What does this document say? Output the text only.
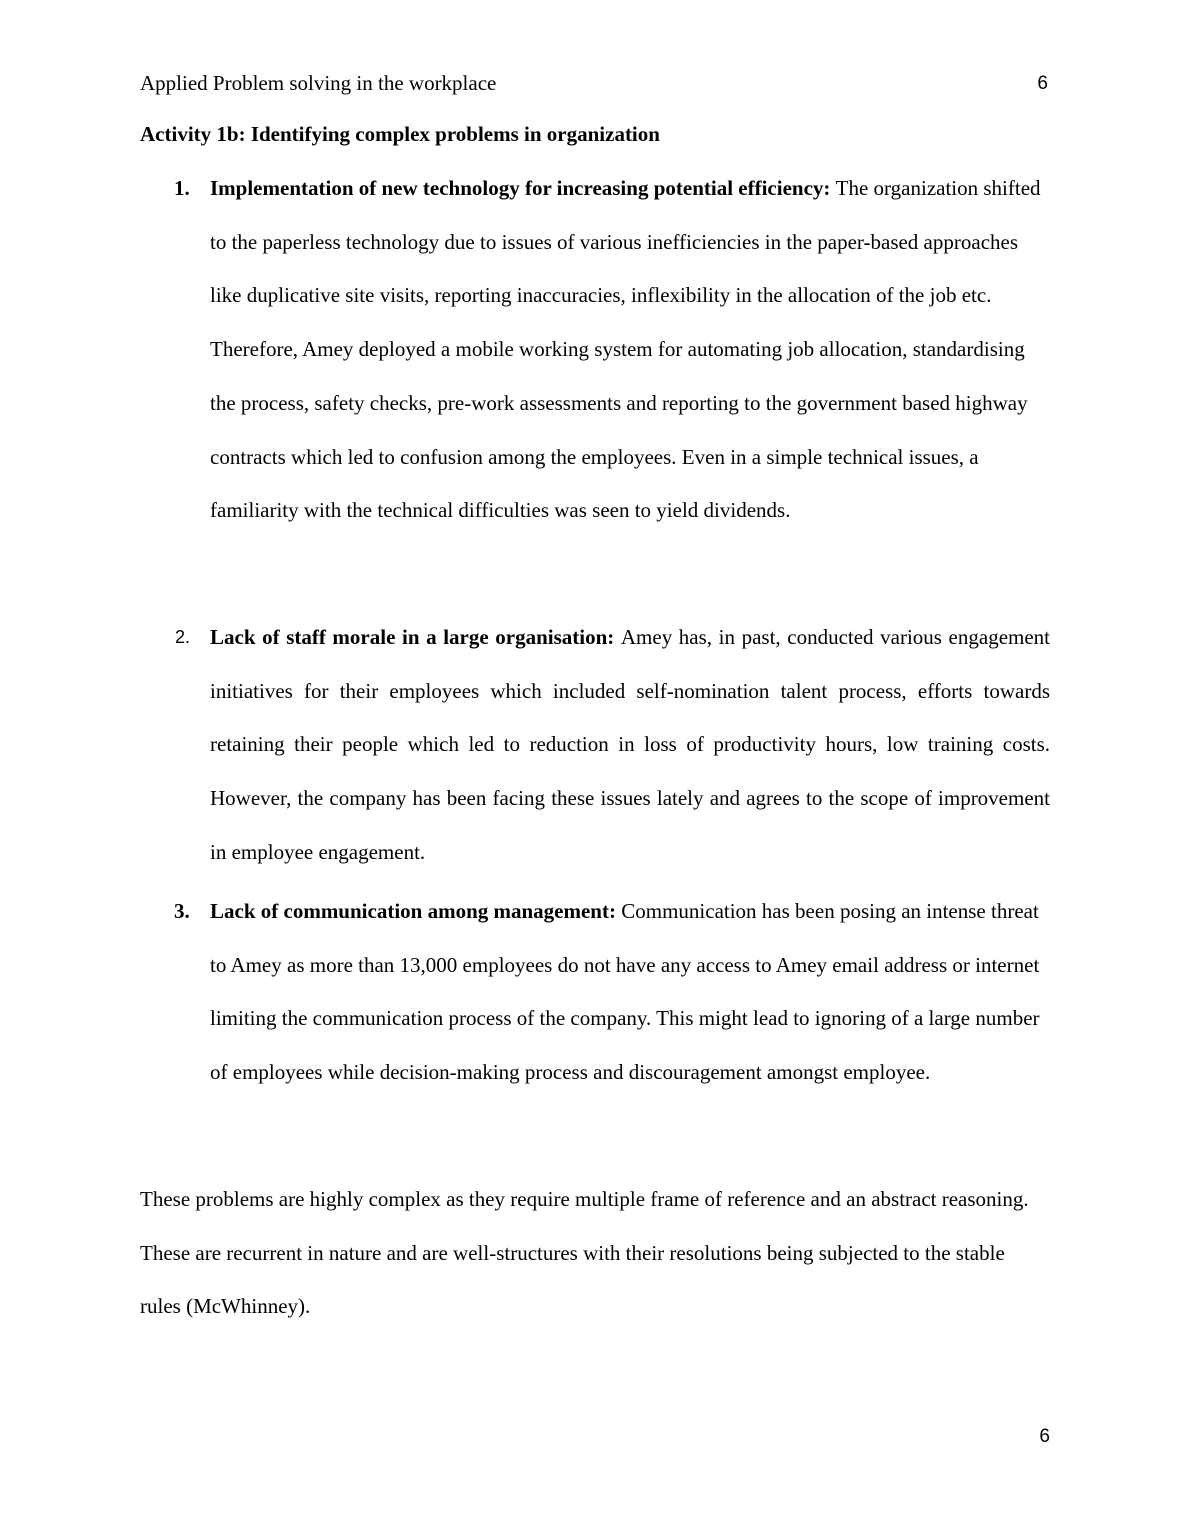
Applied Problem solving in the workplace	6
Activity 1b: Identifying complex problems in organization
1. Implementation of new technology for increasing potential efficiency: The organization shifted to the paperless technology due to issues of various inefficiencies in the paper-based approaches like duplicative site visits, reporting inaccuracies, inflexibility in the allocation of the job etc. Therefore, Amey deployed a mobile working system for automating job allocation, standardising the process, safety checks, pre-work assessments and reporting to the government based highway contracts which led to confusion among the employees. Even in a simple technical issues, a familiarity with the technical difficulties was seen to yield dividends.
2. Lack of staff morale in a large organisation: Amey has, in past, conducted various engagement initiatives for their employees which included self-nomination talent process, efforts towards retaining their people which led to reduction in loss of productivity hours, low training costs. However, the company has been facing these issues lately and agrees to the scope of improvement in employee engagement.
3. Lack of communication among management: Communication has been posing an intense threat to Amey as more than 13,000 employees do not have any access to Amey email address or internet limiting the communication process of the company. This might lead to ignoring of a large number of employees while decision-making process and discouragement amongst employee.
These problems are highly complex as they require multiple frame of reference and an abstract reasoning. These are recurrent in nature and are well-structures with their resolutions being subjected to the stable rules (McWhinney).
6
